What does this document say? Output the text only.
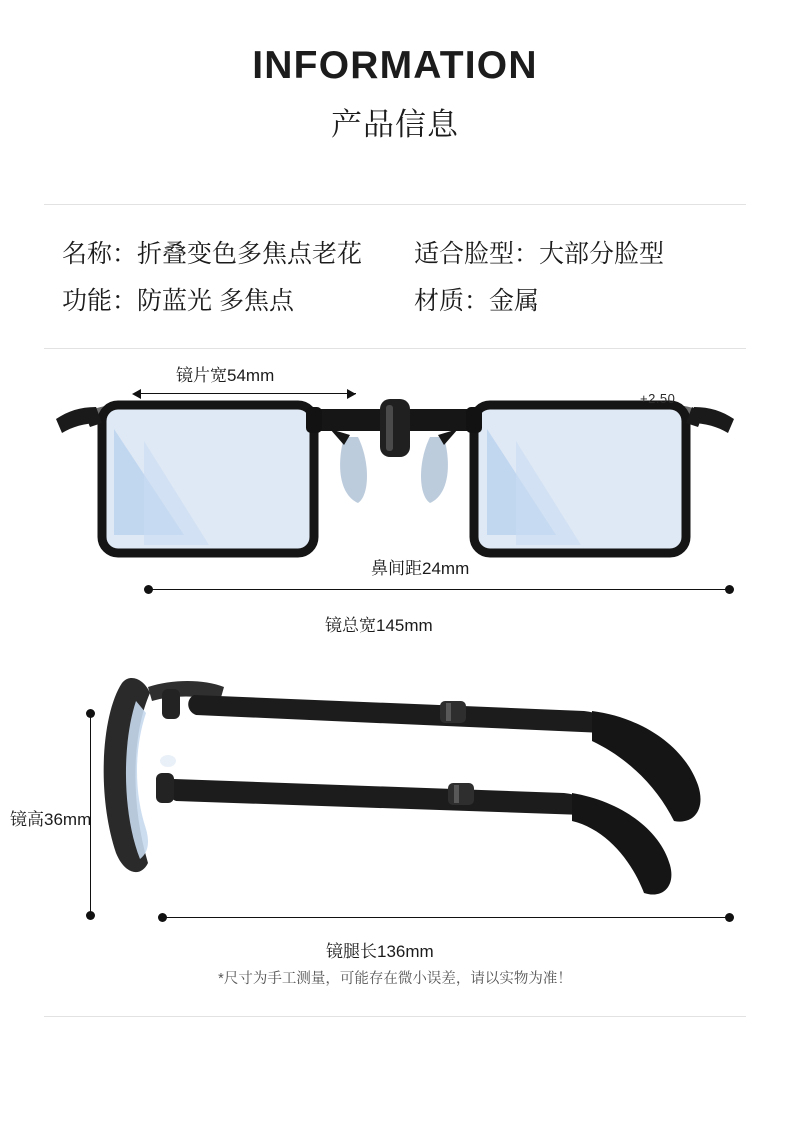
INFORMATION
产品信息
名称： 折叠变色多焦点老花 适合脸型： 大部分脸型
功能： 防蓝光 多焦点	材质： 金属
镜片宽54mm
+2.50
鼻间距24mm
镜总宽145mm
镜高36mm
镜腿长136mm
*尺寸为手工测量，可能存在微小误差，请以实物为准！
